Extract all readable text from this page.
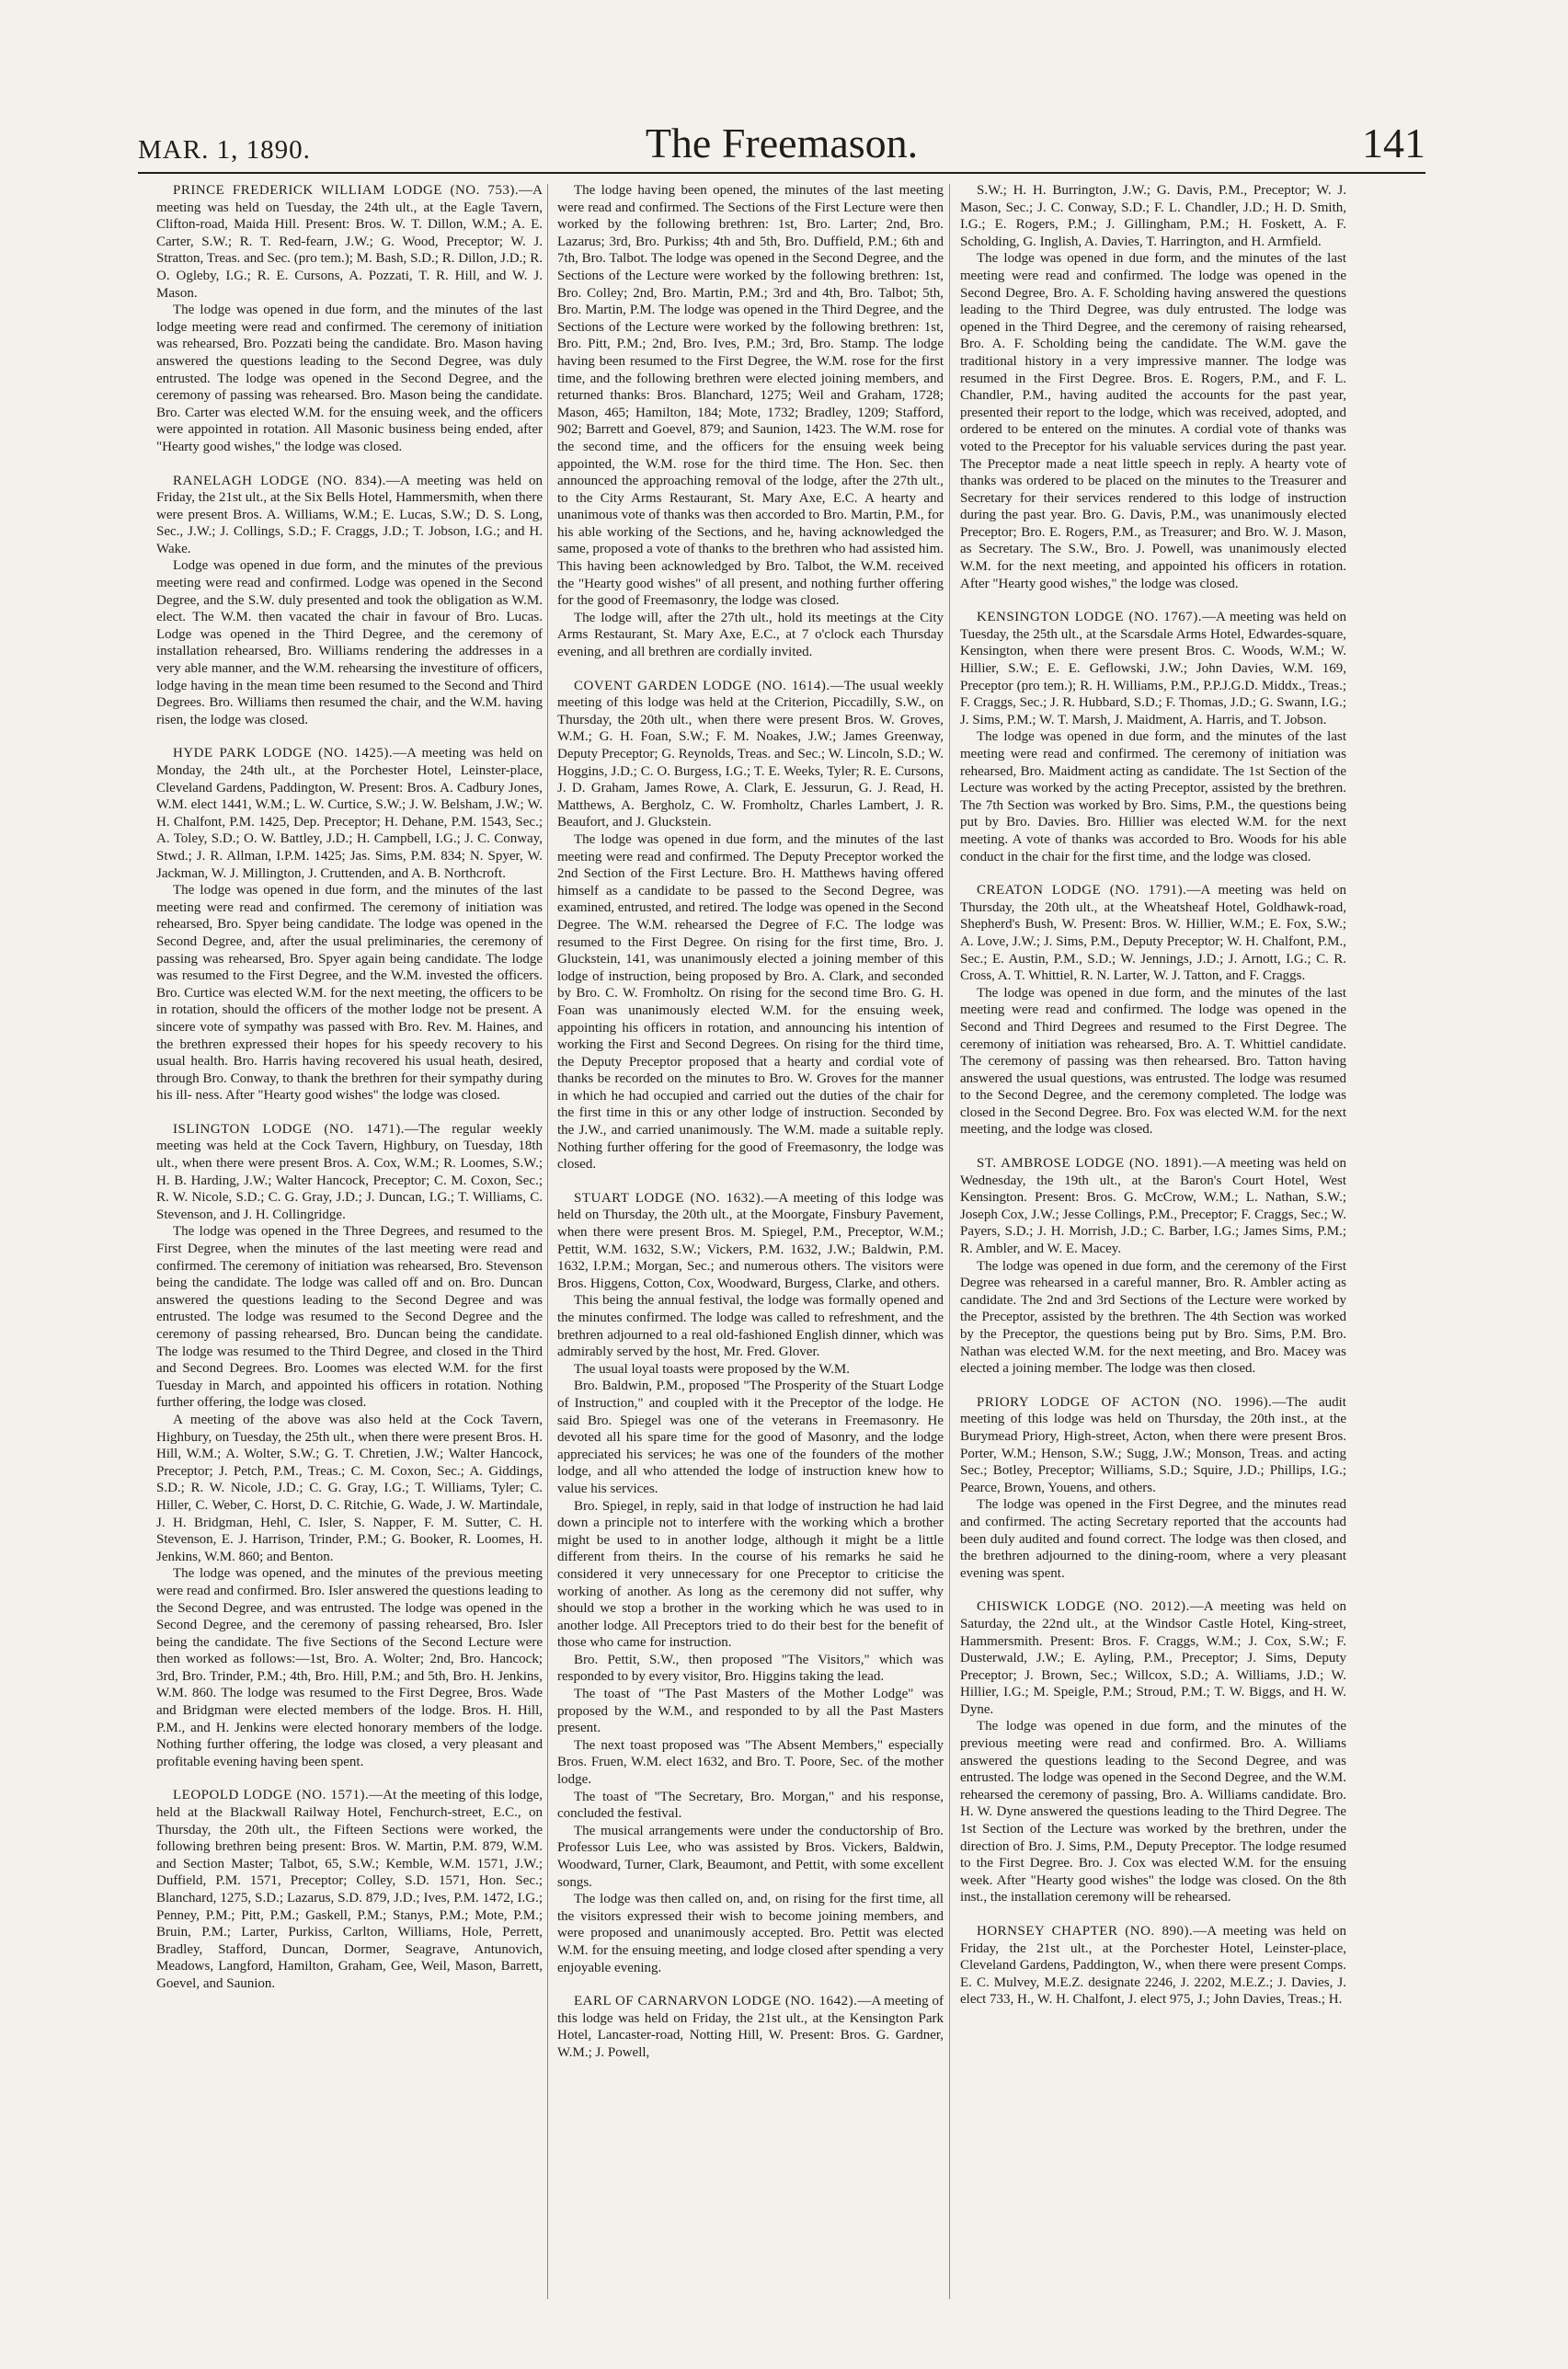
MAR. 1, 1890.	The Freemason.	141

PRINCE FREDERICK WILLIAM LODGE (NO. 753).—A meeting was held on Tuesday, the 24th ult., at the Eagle Tavern, Clifton-road, Maida Hill. Present: Bros. W. T. Dillon, W.M.; A. E. Carter, S.W.; R. T. Red-fearn, J.W.; G. Wood, Preceptor; W. J. Stratton, Treas. and Sec. (pro tem.); M. Bash, S.D.; R. Dillon, J.D.; R. O. Ogleby, I.G.; R. E. Cursons, A. Pozzati, T. R. Hill, and W. J. Mason.

The lodge was opened in due form, and the minutes of the last lodge meeting were read and confirmed. The ceremony of initiation was rehearsed, Bro. Pozzati being the candidate. Bro. Mason having answered the questions leading to the Second Degree, was duly entrusted. The lodge was opened in the Second Degree, and the ceremony of passing was rehearsed. Bro. Mason being the candidate. Bro. Carter was elected W.M. for the ensuing week, and the officers were appointed in rotation. All Masonic business being ended, after "Hearty good wishes," the lodge was closed.

RANELAGH LODGE (NO. 834).—A meeting was held on Friday, the 21st ult., at the Six Bells Hotel, Hammersmith, when there were present Bros. A. Williams, W.M.; E. Lucas, S.W.; D. S. Long, Sec., J.W.; J. Collings, S.D.; F. Craggs, J.D.; T. Jobson, I.G.; and H. Wake.

Lodge was opened in due form, and the minutes of the previous meeting were read and confirmed. Lodge was opened in the Second Degree, and the S.W. duly presented and took the obligation as W.M. elect. The W.M. then vacated the chair in favour of Bro. Lucas. Lodge was opened in the Third Degree, and the ceremony of installation rehearsed, Bro. Williams rendering the addresses in a very able manner, and the W.M. rehearsing the investiture of officers, lodge having in the mean time been resumed to the Second and Third Degrees. Bro. Williams then resumed the chair, and the W.M. having risen, the lodge was closed.

HYDE PARK LODGE (NO. 1425).—A meeting was held on Monday, the 24th ult., at the Porchester Hotel, Leinster-place, Cleveland Gardens, Paddington, W. Present: Bros. A. Cadbury Jones, W.M. elect 1441, W.M.; L. W. Curtice, S.W.; J. W. Belsham, J.W.; W. H. Chalfont, P.M. 1425, Dep. Preceptor; H. Dehane, P.M. 1543, Sec.; A. Toley, S.D.; O. W. Battley, J.D.; H. Campbell, I.G.; J. C. Conway, Stwd.; J. R. Allman, I.P.M. 1425; Jas. Sims, P.M. 834; N. Spyer, W. Jackman, W. J. Millington, J. Cruttenden, and A. B. Northcroft.

The lodge was opened in due form, and the minutes of the last meeting were read and confirmed. The ceremony of initiation was rehearsed, Bro. Spyer being candidate. The lodge was opened in the Second Degree, and, after the usual preliminaries, the ceremony of passing was rehearsed, Bro. Spyer again being candidate. The lodge was resumed to the First Degree, and the W.M. invested the officers. Bro. Curtice was elected W.M. for the next meeting, the officers to be in rotation, should the officers of the mother lodge not be present. A sincere vote of sympathy was passed with Bro. Rev. M. Haines, and the brethren expressed their hopes for his speedy recovery to his usual health. Bro. Harris having recovered his usual heath, desired, through Bro. Conway, to thank the brethren for their sympathy during his ill- ness. After "Hearty good wishes" the lodge was closed.

ISLINGTON LODGE (NO. 1471).—The regular weekly meeting was held at the Cock Tavern, Highbury, on Tuesday, 18th ult., when there were present Bros. A. Cox, W.M.; R. Loomes, S.W.; H. B. Harding, J.W.; Walter Hancock, Preceptor; C. M. Coxon, Sec.; R. W. Nicole, S.D.; C. G. Gray, J.D.; J. Duncan, I.G.; T. Williams, C. Stevenson, and J. H. Collingridge.

The lodge was opened in the Three Degrees, and resumed to the First Degree, when the minutes of the last meeting were read and confirmed. The ceremony of initiation was rehearsed, Bro. Stevenson being the candidate. The lodge was called off and on. Bro. Duncan answered the questions leading to the Second Degree and was entrusted. The lodge was resumed to the Second Degree and the ceremony of passing rehearsed, Bro. Duncan being the candidate. The lodge was resumed to the Third Degree, and closed in the Third and Second Degrees. Bro. Loomes was elected W.M. for the first Tuesday in March, and appointed his officers in rotation. Nothing further offering, the lodge was closed.

A meeting of the above was also held at the Cock Tavern, Highbury, on Tuesday, the 25th ult., when there were present Bros. H. Hill, W.M.; A. Wolter, S.W.; G. T. Chretien, J.W.; Walter Hancock, Preceptor; J. Petch, P.M., Treas.; C. M. Coxon, Sec.; A. Giddings, S.D.; R. W. Nicole, J.D.; C. G. Gray, I.G.; T. Williams, Tyler; C. Hiller, C. Weber, C. Horst, D. C. Ritchie, G. Wade, J. W. Martindale, J. H. Bridgman, Hehl, C. Isler, S. Napper, F. M. Sutter, C. H. Stevenson, E. J. Harrison, Trinder, P.M.; G. Booker, R. Loomes, H. Jenkins, W.M. 860; and Benton.

The lodge was opened, and the minutes of the previous meeting were read and confirmed. Bro. Isler answered the questions leading to the Second Degree, and was entrusted. The lodge was opened in the Second Degree, and the ceremony of passing rehearsed, Bro. Isler being the candidate. The five Sections of the Second Lecture were then worked as follows:—1st, Bro. A. Wolter; 2nd, Bro. Hancock; 3rd, Bro. Trinder, P.M.; 4th, Bro. Hill, P.M.; and 5th, Bro. H. Jenkins, W.M. 860. The lodge was resumed to the First Degree, Bros. Wade and Bridgman were elected members of the lodge. Bros. H. Hill, P.M., and H. Jenkins were elected honorary members of the lodge. Nothing further offering, the lodge was closed, a very pleasant and profitable evening having been spent.

LEOPOLD LODGE (NO. 1571).—At the meeting of this lodge, held at the Blackwall Railway Hotel, Fenchurch-street, E.C., on Thursday, the 20th ult., the Fifteen Sections were worked, the following brethren being present: Bros. W. Martin, P.M. 879, W.M. and Section Master; Talbot, 65, S.W.; Kemble, W.M. 1571, J.W.; Duffield, P.M. 1571, Preceptor; Colley, S.D. 1571, Hon. Sec.; Blanchard, 1275, S.D.; Lazarus, S.D. 879, J.D.; Ives, P.M. 1472, I.G.; Penney, P.M.; Pitt, P.M.; Gaskell, P.M.; Stanys, P.M.; Mote, P.M.; Bruin, P.M.; Larter, Purkiss, Carlton, Williams, Hole, Perrett, Bradley, Stafford, Duncan, Dormer, Seagrave, Antunovich, Meadows, Langford, Hamilton, Graham, Gee, Weil, Mason, Barrett, Goevel, and Saunion.

The lodge having been opened, the minutes of the last meeting were read and confirmed. The Sections of the First Lecture were then worked by the following brethren: 1st, Bro. Larter; 2nd, Bro. Lazarus; 3rd, Bro. Purkiss; 4th and 5th, Bro. Duffield, P.M.; 6th and 7th, Bro. Talbot. The lodge was opened in the Second Degree, and the Sections of the Lecture were worked by the following brethren: 1st, Bro. Colley; 2nd, Bro. Martin, P.M.; 3rd and 4th, Bro. Talbot; 5th, Bro. Martin, P.M. The lodge was opened in the Third Degree, and the Sections of the Lecture were worked by the following brethren: 1st, Bro. Pitt, P.M.; 2nd, Bro. Ives, P.M.; 3rd, Bro. Stamp. The lodge having been resumed to the First Degree, the W.M. rose for the first time, and the following brethren were elected joining members, and returned thanks: Bros. Blanchard, 1275; Weil and Graham, 1728; Mason, 465; Hamilton, 184; Mote, 1732; Bradley, 1209; Stafford, 902; Barrett and Goevel, 879; and Saunion, 1423. The W.M. rose for the second time, and the officers for the ensuing week being appointed, the W.M. rose for the third time. The Hon. Sec. then announced the approaching removal of the lodge, after the 27th ult., to the City Arms Restaurant, St. Mary Axe, E.C. A hearty and unanimous vote of thanks was then accorded to Bro. Martin, P.M., for his able working of the Sections, and he, having acknowledged the same, proposed a vote of thanks to the brethren who had assisted him. This having been acknowledged by Bro. Talbot, the W.M. received the "Hearty good wishes" of all present, and nothing further offering for the good of Freemasonry, the lodge was closed.

The lodge will, after the 27th ult., hold its meetings at the City Arms Restaurant, St. Mary Axe, E.C., at 7 o'clock each Thursday evening, and all brethren are cordially invited.

COVENT GARDEN LODGE (NO. 1614).—The usual weekly meeting of this lodge was held at the Criterion, Piccadilly, S.W., on Thursday, the 20th ult., when there were present Bros. W. Groves, W.M.; G. H. Foan, S.W.; F. M. Noakes, J.W.; James Greenway, Deputy Preceptor; G. Reynolds, Treas. and Sec.; W. Lincoln, S.D.; W. Hoggins, J.D.; C. O. Burgess, I.G.; T. E. Weeks, Tyler; R. E. Cursons, J. D. Graham, James Rowe, A. Clark, E. Jessurun, G. J. Read, H. Matthews, A. Bergholz, C. W. Fromholtz, Charles Lambert, J. R. Beaufort, and J. Gluckstein.

The lodge was opened in due form, and the minutes of the last meeting were read and confirmed. The Deputy Preceptor worked the 2nd Section of the First Lecture. Bro. H. Matthews having offered himself as a candidate to be passed to the Second Degree, was examined, entrusted, and retired. The lodge was opened in the Second Degree. The W.M. rehearsed the Degree of F.C. The lodge was resumed to the First Degree. On rising for the first time, Bro. J. Gluckstein, 141, was unanimously elected a joining member of this lodge of instruction, being proposed by Bro. A. Clark, and seconded by Bro. C. W. Fromholtz. On rising for the second time Bro. G. H. Foan was unanimously elected W.M. for the ensuing week, appointing his officers in rotation, and announcing his intention of working the First and Second Degrees. On rising for the third time, the Deputy Preceptor proposed that a hearty and cordial vote of thanks be recorded on the minutes to Bro. W. Groves for the manner in which he had occupied and carried out the duties of the chair for the first time in this or any other lodge of instruction. Seconded by the J.W., and carried unanimously. The W.M. made a suitable reply. Nothing further offering for the good of Freemasonry, the lodge was closed.

STUART LODGE (NO. 1632).—A meeting of this lodge was held on Thursday, the 20th ult., at the Moorgate, Finsbury Pavement, when there were present Bros. M. Spiegel, P.M., Preceptor, W.M.; Pettit, W.M. 1632, S.W.; Vickers, P.M. 1632, J.W.; Baldwin, P.M. 1632, I.P.M.; Morgan, Sec.; and numerous others. The visitors were Bros. Higgens, Cotton, Cox, Woodward, Burgess, Clarke, and others.

This being the annual festival, the lodge was formally opened and the minutes confirmed. The lodge was called to refreshment, and the brethren adjourned to a real old-fashioned English dinner, which was admirably served by the host, Mr. Fred. Glover.

The usual loyal toasts were proposed by the W.M.

Bro. Baldwin, P.M., proposed "The Prosperity of the Stuart Lodge of Instruction," and coupled with it the Preceptor of the lodge. He said Bro. Spiegel was one of the veterans in Freemasonry. He devoted all his spare time for the good of Masonry, and the lodge appreciated his services; he was one of the founders of the mother lodge, and all who attended the lodge of instruction knew how to value his services.

Bro. Spiegel, in reply, said in that lodge of instruction he had laid down a principle not to interfere with the working which a brother might be used to in another lodge, although it might be a little different from theirs. In the course of his remarks he said he considered it very unnecessary for one Preceptor to criticise the working of another. As long as the ceremony did not suffer, why should we stop a brother in the working which he was used to in another lodge. All Preceptors tried to do their best for the benefit of those who came for instruction.

Bro. Pettit, S.W., then proposed "The Visitors," which was responded to by every visitor, Bro. Higgins taking the lead.

The toast of "The Past Masters of the Mother Lodge" was proposed by the W.M., and responded to by all the Past Masters present.

The next toast proposed was "The Absent Members," especially Bros. Fruen, W.M. elect 1632, and Bro. T. Poore, Sec. of the mother lodge.

The toast of "The Secretary, Bro. Morgan," and his response, concluded the festival.

The musical arrangements were under the conductorship of Bro. Professor Luis Lee, who was assisted by Bros. Vickers, Baldwin, Woodward, Turner, Clark, Beaumont, and Pettit, with some excellent songs.

The lodge was then called on, and, on rising for the first time, all the visitors expressed their wish to become joining members, and were proposed and unanimously accepted. Bro. Pettit was elected W.M. for the ensuing meeting, and lodge closed after spending a very enjoyable evening.

EARL OF CARNARVON LODGE (NO. 1642).—A meeting of this lodge was held on Friday, the 21st ult., at the Kensington Park Hotel, Lancaster-road, Notting Hill, W. Present: Bros. G. Gardner, W.M.; J. Powell,

S.W.; H. H. Burrington, J.W.; G. Davis, P.M., Preceptor; W. J. Mason, Sec.; J. C. Conway, S.D.; F. L. Chandler, J.D.; H. D. Smith, I.G.; E. Rogers, P.M.; J. Gillingham, P.M.; H. Foskett, A. F. Scholding, G. Inglish, A. Davies, T. Harrington, and H. Armfield.

The lodge was opened in due form, and the minutes of the last meeting were read and confirmed. The lodge was opened in the Second Degree, Bro. A. F. Scholding having answered the questions leading to the Third Degree, was duly entrusted. The lodge was opened in the Third Degree, and the ceremony of raising rehearsed, Bro. A. F. Scholding being the candidate. The W.M. gave the traditional history in a very impressive manner. The lodge was resumed in the First Degree. Bros. E. Rogers, P.M., and F. L. Chandler, P.M., having audited the accounts for the past year, presented their report to the lodge, which was received, adopted, and ordered to be entered on the minutes. A cordial vote of thanks was voted to the Preceptor for his valuable services during the past year. The Preceptor made a neat little speech in reply. A hearty vote of thanks was ordered to be placed on the minutes to the Treasurer and Secretary for their services rendered to this lodge of instruction during the past year. Bro. G. Davis, P.M., was unanimously elected Preceptor; Bro. E. Rogers, P.M., as Treasurer; and Bro. W. J. Mason, as Secretary. The S.W., Bro. J. Powell, was unanimously elected W.M. for the next meeting, and appointed his officers in rotation. After "Hearty good wishes," the lodge was closed.

KENSINGTON LODGE (NO. 1767).—A meeting was held on Tuesday, the 25th ult., at the Scarsdale Arms Hotel, Edwardes-square, Kensington, when there were present Bros. C. Woods, W.M.; W. Hillier, S.W.; E. E. Geflowski, J.W.; John Davies, W.M. 169, Preceptor (pro tem.); R. H. Williams, P.M., P.P.J.G.D. Middx., Treas.; F. Craggs, Sec.; J. R. Hubbard, S.D.; F. Thomas, J.D.; G. Swann, I.G.; J. Sims, P.M.; W. T. Marsh, J. Maidment, A. Harris, and T. Jobson.

The lodge was opened in due form, and the minutes of the last meeting were read and confirmed. The ceremony of initiation was rehearsed, Bro. Maidment acting as candidate. The 1st Section of the Lecture was worked by the acting Preceptor, assisted by the brethren. The 7th Section was worked by Bro. Sims, P.M., the questions being put by Bro. Davies. Bro. Hillier was elected W.M. for the next meeting. A vote of thanks was accorded to Bro. Woods for his able conduct in the chair for the first time, and the lodge was closed.

CREATON LODGE (NO. 1791).—A meeting was held on Thursday, the 20th ult., at the Wheatsheaf Hotel, Goldhawk-road, Shepherd's Bush, W. Present: Bros. W. Hillier, W.M.; E. Fox, S.W.; A. Love, J.W.; J. Sims, P.M., Deputy Preceptor; W. H. Chalfont, P.M., Sec.; E. Austin, P.M., S.D.; W. Jennings, J.D.; J. Arnott, I.G.; C. R. Cross, A. T. Whittiel, R. N. Larter, W. J. Tatton, and F. Craggs.

The lodge was opened in due form, and the minutes of the last meeting were read and confirmed. The lodge was opened in the Second and Third Degrees and resumed to the First Degree. The ceremony of initiation was rehearsed, Bro. A. T. Whittiel candidate. The ceremony of passing was then rehearsed. Bro. Tatton having answered the usual questions, was entrusted. The lodge was resumed to the Second Degree, and the ceremony completed. The lodge was closed in the Second Degree. Bro. Fox was elected W.M. for the next meeting, and the lodge was closed.

ST. AMBROSE LODGE (NO. 1891).—A meeting was held on Wednesday, the 19th ult., at the Baron's Court Hotel, West Kensington. Present: Bros. G. McCrow, W.M.; L. Nathan, S.W.; Joseph Cox, J.W.; Jesse Collings, P.M., Preceptor; F. Craggs, Sec.; W. Payers, S.D.; J. H. Morrish, J.D.; C. Barber, I.G.; James Sims, P.M.; R. Ambler, and W. E. Macey.

The lodge was opened in due form, and the ceremony of the First Degree was rehearsed in a careful manner, Bro. R. Ambler acting as candidate. The 2nd and 3rd Sections of the Lecture were worked by the Preceptor, assisted by the brethren. The 4th Section was worked by the Preceptor, the questions being put by Bro. Sims, P.M. Bro. Nathan was elected W.M. for the next meeting, and Bro. Macey was elected a joining member. The lodge was then closed.

PRIORY LODGE OF ACTON (NO. 1996).—The audit meeting of this lodge was held on Thursday, the 20th inst., at the Burymead Priory, High-street, Acton, when there were present Bros. Porter, W.M.; Henson, S.W.; Sugg, J.W.; Monson, Treas. and acting Sec.; Botley, Preceptor; Williams, S.D.; Squire, J.D.; Phillips, I.G.; Pearce, Brown, Youens, and others.

The lodge was opened in the First Degree, and the minutes read and confirmed. The acting Secretary reported that the accounts had been duly audited and found correct. The lodge was then closed, and the brethren adjourned to the dining-room, where a very pleasant evening was spent.

CHISWICK LODGE (NO. 2012).—A meeting was held on Saturday, the 22nd ult., at the Windsor Castle Hotel, King-street, Hammersmith. Present: Bros. F. Craggs, W.M.; J. Cox, S.W.; F. Dusterwald, J.W.; E. Ayling, P.M., Preceptor; J. Sims, Deputy Preceptor; J. Brown, Sec.; Willcox, S.D.; A. Williams, J.D.; W. Hillier, I.G.; M. Speigle, P.M.; Stroud, P.M.; T. W. Biggs, and H. W. Dyne.

The lodge was opened in due form, and the minutes of the previous meeting were read and confirmed. Bro. A. Williams answered the questions leading to the Second Degree, and was entrusted. The lodge was opened in the Second Degree, and the W.M. rehearsed the ceremony of passing, Bro. A. Williams candidate. Bro. H. W. Dyne answered the questions leading to the Third Degree. The 1st Section of the Lecture was worked by the brethren, under the direction of Bro. J. Sims, P.M., Deputy Preceptor. The lodge resumed to the First Degree. Bro. J. Cox was elected W.M. for the ensuing week. After "Hearty good wishes" the lodge was closed. On the 8th inst., the installation ceremony will be rehearsed.

HORNSEY CHAPTER (NO. 890).—A meeting was held on Friday, the 21st ult., at the Porchester Hotel, Leinster-place, Cleveland Gardens, Paddington, W., when there were present Comps. E. C. Mulvey, M.E.Z. designate 2246, J. 2202, M.E.Z.; J. Davies, J. elect 733, H., W. H. Chalfont, J. elect 975, J.; John Davies, Treas.; H.
